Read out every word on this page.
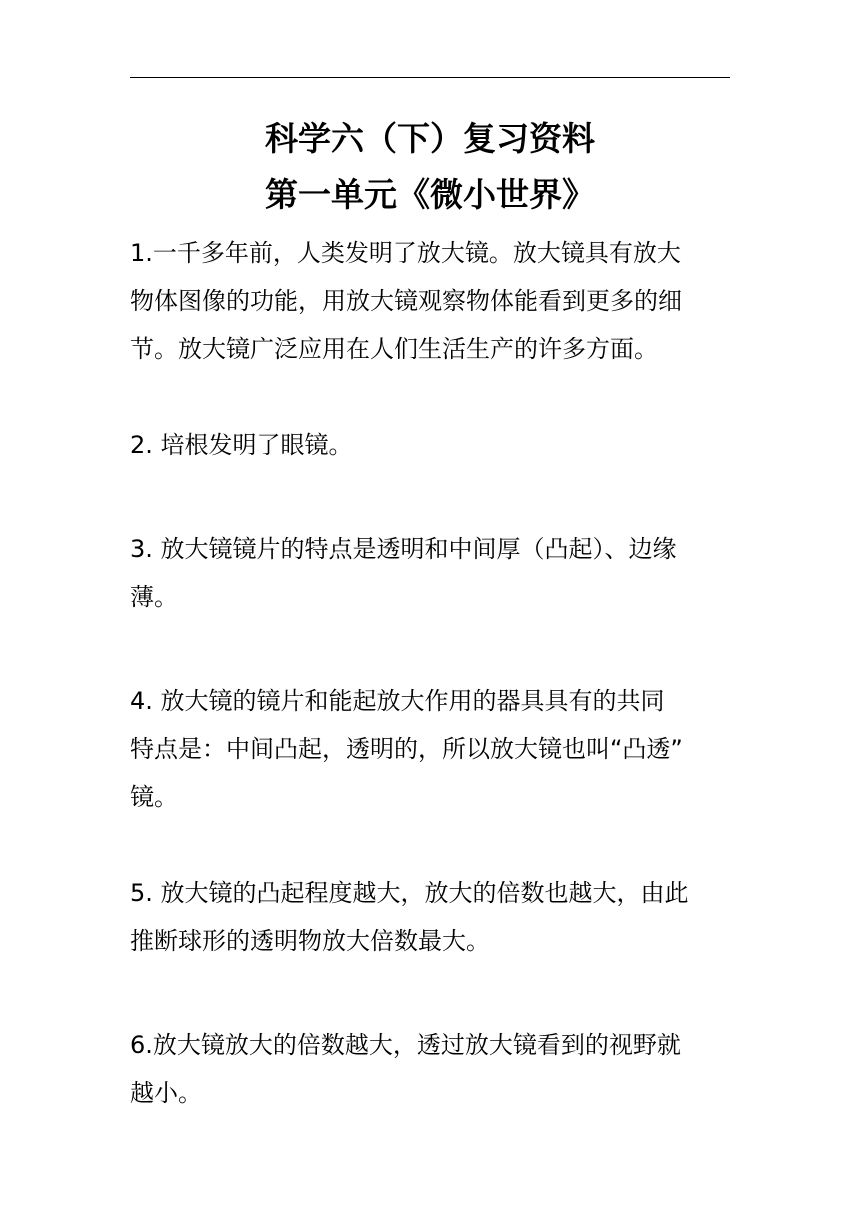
科学六（下）复习资料
第一单元《微小世界》

1.一千多年前，人类发明了放大镜。放大镜具有放大
物体图像的功能，用放大镜观察物体能看到更多的细
节。放大镜广泛应用在人们生活生产的许多方面。

2. 培根发明了眼镜。

3. 放大镜镜片的特点是透明和中间厚（凸起）、边缘
薄。

4. 放大镜的镜片和能起放大作用的器具具有的共同
特点是：中间凸起，透明的，所以放大镜也叫“凸透”
镜。

5. 放大镜的凸起程度越大，放大的倍数也越大，由此
推断球形的透明物放大倍数最大。

6.放大镜放大的倍数越大，透过放大镜看到的视野就
越小。
